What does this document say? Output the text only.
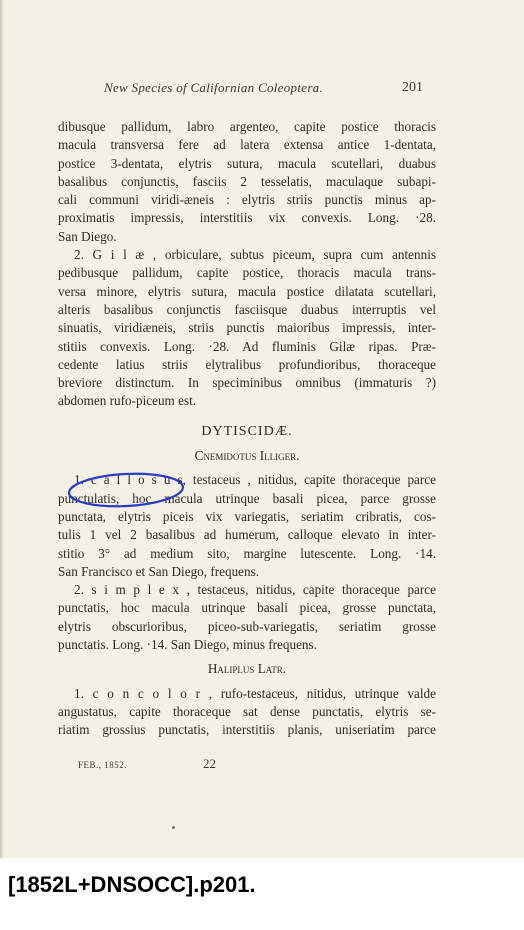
New Species of Californian Coleoptera.	201
dibusque pallidum, labro argenteo, capite postice thoracis
macula transversa fere ad latera extensa antice 1-dentata,
postice 3-dentata, elytris sutura, macula scutellari, duabus
basalibus conjunctis, fasciis 2 tesselatis, maculaque subapi-
cali communi viridi-æneis : elytris striis punctis minus ap-
proximatis impressis, interstitiis vix convexis. Long. ·28.
San Diego.
2. G i l æ , orbiculare, subtus piceum, supra cum antennis
pedibusque pallidum, capite postice, thoracis macula trans-
versa minore, elytris sutura, macula postice dilatata scutellari,
alteris basalibus conjunctis fasciisque duabus interruptis vel
sinuatis, viridiæneis, striis punctis maioribus impressis, inter-
stitiis convexis. Long. ·28. Ad fluminis Gilæ ripas. Præ-
cedente latius striis elytralibus profundioribus, thoraceque
breviore distinctum. In speciminibus omnibus (immaturis ?)
abdomen rufo-piceum est.
DYTISCIDÆ.
Cnemidotus Illiger.
1. c a l l o s u s, testaceus , nitidus, capite thoraceque parce
punctulatis, hoc macula utrinque basali picea, parce grosse
punctata, elytris piceis vix variegatis, seriatim cribratis, cos-
tulis 1 vel 2 basalibus ad humerum, calloque elevato in inter-
stitio 3° ad medium sito, margine lutescente. Long. ·14.
San Francisco et San Diego, frequens.
2. s i m p l e x , testaceus, nitidus, capite thoraceque parce
punctatis, hoc macula utrinque basali picea, grosse punctata,
elytris obscurioribus, piceo-sub-variegatis, seriatim grosse
punctatis. Long. ·14. San Diego, minus frequens.
Haliplus Latr.
1. c o n c o l o r , rufo-testaceus, nitidus, utrinque valde
angustatus, capite thoraceque sat dense punctatis, elytris se-
riatim grossius punctatis, interstitiis planis, uniseriatim parce
FEB., 1852.	22
[1852L+DNSOCC].p201.
